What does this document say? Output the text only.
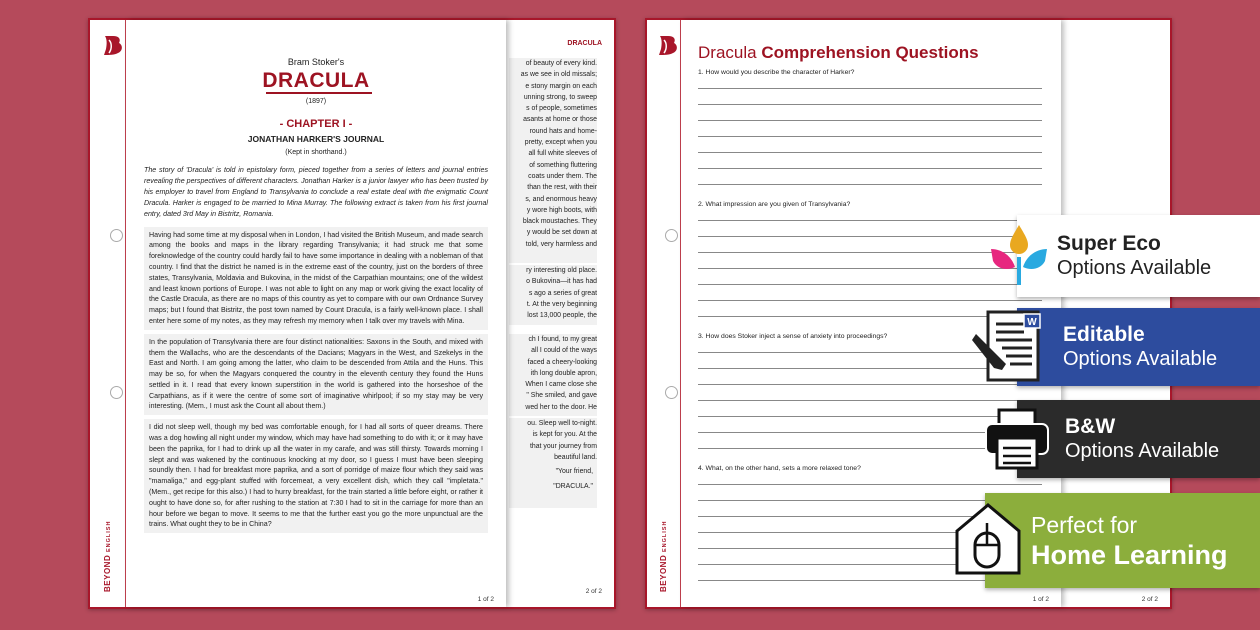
BEYOND ENGLISH
DRACULA
of beauty of every kind.
as we see in old missals;
e stony margin on each
unning strong, to sweep
s of people, sometimes
asants at home or those
round hats and home-
pretty, except when you
all full white sleeves of
of something fluttering
coats under them. The
than the rest, with their
s, and enormous heavy
y wore high boots, with
black moustaches. They
y would be set down at
told, very harmless and
ry interesting old place.
o Bukovina—it has had
s ago a series of great
t. At the very beginning
lost 13,000 people, the
ch I found, to my great
all I could of the ways
faced a cheery-looking
ith long double apron,
When I came close she
" She smiled, and gave
wed her to the door. He
ou. Sleep well to-night.
is kept for you. At the
that your journey from
beautiful land.
"Your friend,
"DRACULA."
2 of 2
Bram Stoker's
DRACULA
(1897)
- CHAPTER I -
JONATHAN HARKER'S JOURNAL
(Kept in shorthand.)
The story of 'Dracula' is told in epistolary form, pieced together from a series of letters and journal entries revealing the perspectives of different characters. Jonathan Harker is a junior lawyer who has been trusted by his employer to travel from England to Transylvania to conclude a real estate deal with the enigmatic Count Dracula. Harker is engaged to be married to Mina Murray. The following extract is taken from his first journal entry, dated 3rd May in Bistritz, Romania.
Having had some time at my disposal when in London, I had visited the British Museum, and made search among the books and maps in the library regarding Transylvania; it had struck me that some foreknowledge of the country could hardly fail to have some importance in dealing with a nobleman of that country. I find that the district he named is in the extreme east of the country, just on the borders of three states, Transylvania, Moldavia and Bukovina, in the midst of the Carpathian mountains; one of the wildest and least known portions of Europe. I was not able to light on any map or work giving the exact locality of the Castle Dracula, as there are no maps of this country as yet to compare with our own Ordnance Survey maps; but I found that Bistritz, the post town named by Count Dracula, is a fairly well-known place. I shall enter here some of my notes, as they may refresh my memory when I talk over my travels with Mina.
In the population of Transylvania there are four distinct nationalities: Saxons in the South, and mixed with them the Wallachs, who are the descendants of the Dacians; Magyars in the West, and Szekelys in the East and North. I am going among the latter, who claim to be descended from Attila and the Huns. This may be so, for when the Magyars conquered the country in the eleventh century they found the Huns settled in it. I read that every known superstition in the world is gathered into the horseshoe of the Carpathians, as if it were the centre of some sort of imaginative whirlpool; if so my stay may be very interesting. (Mem., I must ask the Count all about them.)
I did not sleep well, though my bed was comfortable enough, for I had all sorts of queer dreams. There was a dog howling all night under my window, which may have had something to do with it; or it may have been the paprika, for I had to drink up all the water in my carafe, and was still thirsty. Towards morning I slept and was wakened by the continuous knocking at my door, so I guess I must have been sleeping soundly then. I had for breakfast more paprika, and a sort of porridge of maize flour which they said was "mamaliga," and egg-plant stuffed with forcemeat, a very excellent dish, which they call "impletata." (Mem., get recipe for this also.) I had to hurry breakfast, for the train started a little before eight, or rather it ought to have done so, for after rushing to the station at 7:30 I had to sit in the carriage for more than an hour before we began to move. It seems to me that the further east you go the more unpunctual are the trains. What ought they to be in China?
1 of 2
BEYOND ENGLISH
2 of 2
Dracula Comprehension Questions
1 of 2
1. How would you describe the character of Harker?
2. What impression are you given of Transylvania?
3. How does Stoker inject a sense of anxiety into proceedings?
4. What, on the other hand, sets a more relaxed tone?
Super Eco
Options Available
W
Editable
Options Available
B&W
Options Available
Perfect for
Home Learning
